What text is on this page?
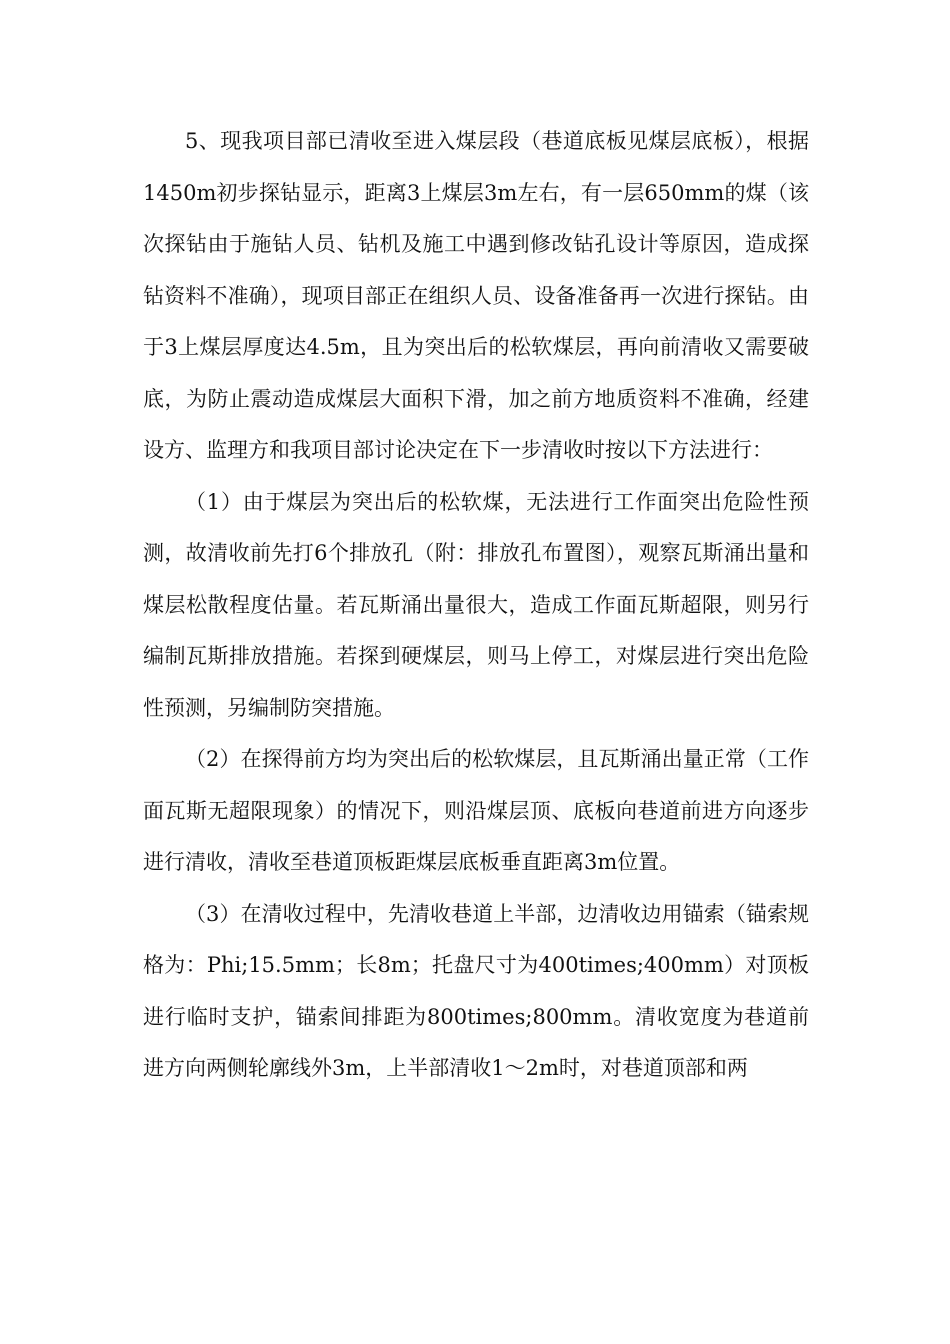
5、现我项目部已清收至进入煤层段（巷道底板见煤层底板），根据1450m初步探钻显示，距离3上煤层3m左右，有一层650mm的煤（该次探钻由于施钻人员、钻机及施工中遇到修改钻孔设计等原因，造成探钻资料不准确），现项目部正在组织人员、设备准备再一次进行探钻。由于3上煤层厚度达4.5m，且为突出后的松软煤层，再向前清收又需要破底，为防止震动造成煤层大面积下滑，加之前方地质资料不准确，经建设方、监理方和我项目部讨论决定在下一步清收时按以下方法进行：

（1）由于煤层为突出后的松软煤，无法进行工作面突出危险性预测，故清收前先打6个排放孔（附：排放孔布置图），观察瓦斯涌出量和煤层松散程度估量。若瓦斯涌出量很大，造成工作面瓦斯超限，则另行编制瓦斯排放措施。若探到硬煤层，则马上停工，对煤层进行突出危险性预测，另编制防突措施。

（2）在探得前方均为突出后的松软煤层，且瓦斯涌出量正常（工作面瓦斯无超限现象）的情况下，则沿煤层顶、底板向巷道前进方向逐步进行清收，清收至巷道顶板距煤层底板垂直距离3m位置。

（3）在清收过程中，先清收巷道上半部，边清收边用锚索（锚索规格为：Phi;15.5mm；长8m；托盘尺寸为400times;400mm）对顶板进行临时支护，锚索间排距为800times;800mm。清收宽度为巷道前进方向两侧轮廓线外3m，上半部清收1～2m时，对巷道顶部和两
